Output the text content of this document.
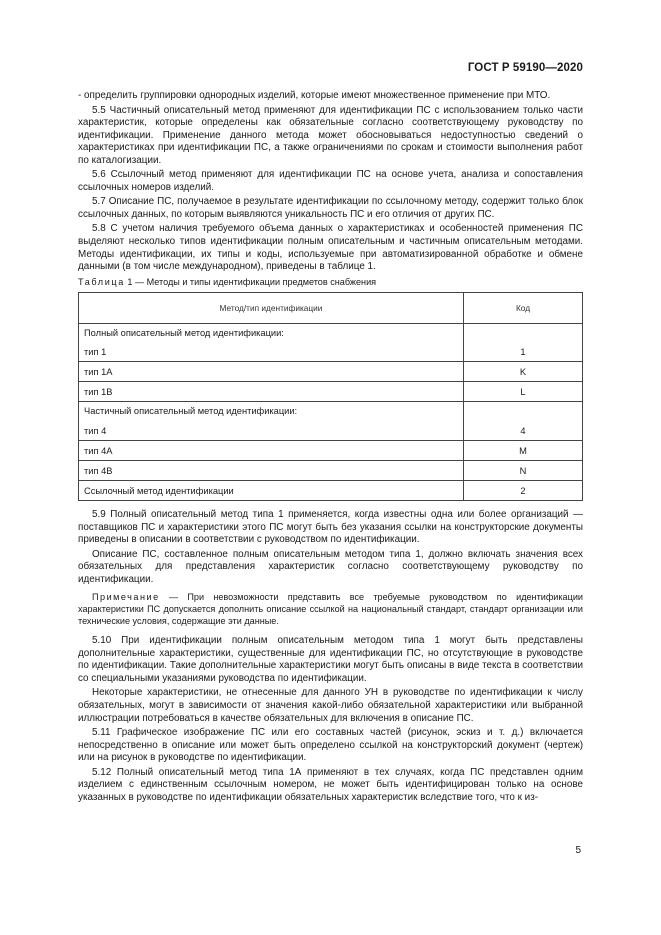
ГОСТ Р 59190—2020

- определить группировки однородных изделий, которые имеют множественное применение при МТО.

5.5 Частичный описательный метод применяют для идентификации ПС с использованием только части характеристик, которые определены как обязательные согласно соответствующему руководству по идентификации. Применение данного метода может обосновываться недоступностью сведений о характеристиках при идентификации ПС, а также ограничениями по срокам и стоимости выполнения работ по каталогизации.

5.6 Ссылочный метод применяют для идентификации ПС на основе учета, анализа и сопоставления ссылочных номеров изделий.

5.7 Описание ПС, получаемое в результате идентификации по ссылочному методу, содержит только блок ссылочных данных, по которым выявляются уникальность ПС и его отличия от других ПС.

5.8 С учетом наличия требуемого объема данных о характеристиках и особенностей применения ПС выделяют несколько типов идентификации полным описательным и частичным описательным методами. Методы идентификации, их типы и коды, используемые при автоматизированной обработке и обмене данными (в том числе международном), приведены в таблице 1.

Таблица 1 — Методы и типы идентификации предметов снабжения
Метод/тип идентификации	Код

Полный описательный метод идентификации:
тип 1	1
тип 1А	K
тип 1В	L

Частичный описательный метод идентификации:
тип 4	4
тип 4А	M
тип 4В	N
Ссылочный метод идентификации	2

5.9 Полный описательный метод типа 1 применяется, когда известны одна или более организаций — поставщиков ПС и характеристики этого ПС могут быть без указания ссылки на конструкторские документы приведены в описании в соответствии с руководством по идентификации.

Описание ПС, составленное полным описательным методом типа 1, должно включать значения всех обязательных для представления характеристик согласно соответствующему руководству по идентификации.

Примечание — При невозможности представить все требуемые руководством по идентификации характеристики ПС допускается дополнить описание ссылкой на национальный стандарт, стандарт организации или технические условия, содержащие эти данные.

5.10 При идентификации полным описательным методом типа 1 могут быть представлены дополнительные характеристики, существенные для идентификации ПС, но отсутствующие в руководстве по идентификации. Такие дополнительные характеристики могут быть описаны в виде текста в соответствии со специальными указаниями руководства по идентификации.

Некоторые характеристики, не отнесенные для данного УН в руководстве по идентификации к числу обязательных, могут в зависимости от значения какой-либо обязательной характеристики или выбранной иллюстрации потребоваться в качестве обязательных для включения в описание ПС.

5.11 Графическое изображение ПС или его составных частей (рисунок, эскиз и т. д.) включается непосредственно в описание или может быть определено ссылкой на конструкторский документ (чертеж) или на рисунок в руководстве по идентификации.

5.12 Полный описательный метод типа 1А применяют в тех случаях, когда ПС представлен одним изделием с единственным ссылочным номером, не может быть идентифицирован только на основе указанных в руководстве по идентификации обязательных характеристик вследствие того, что к из-

5
